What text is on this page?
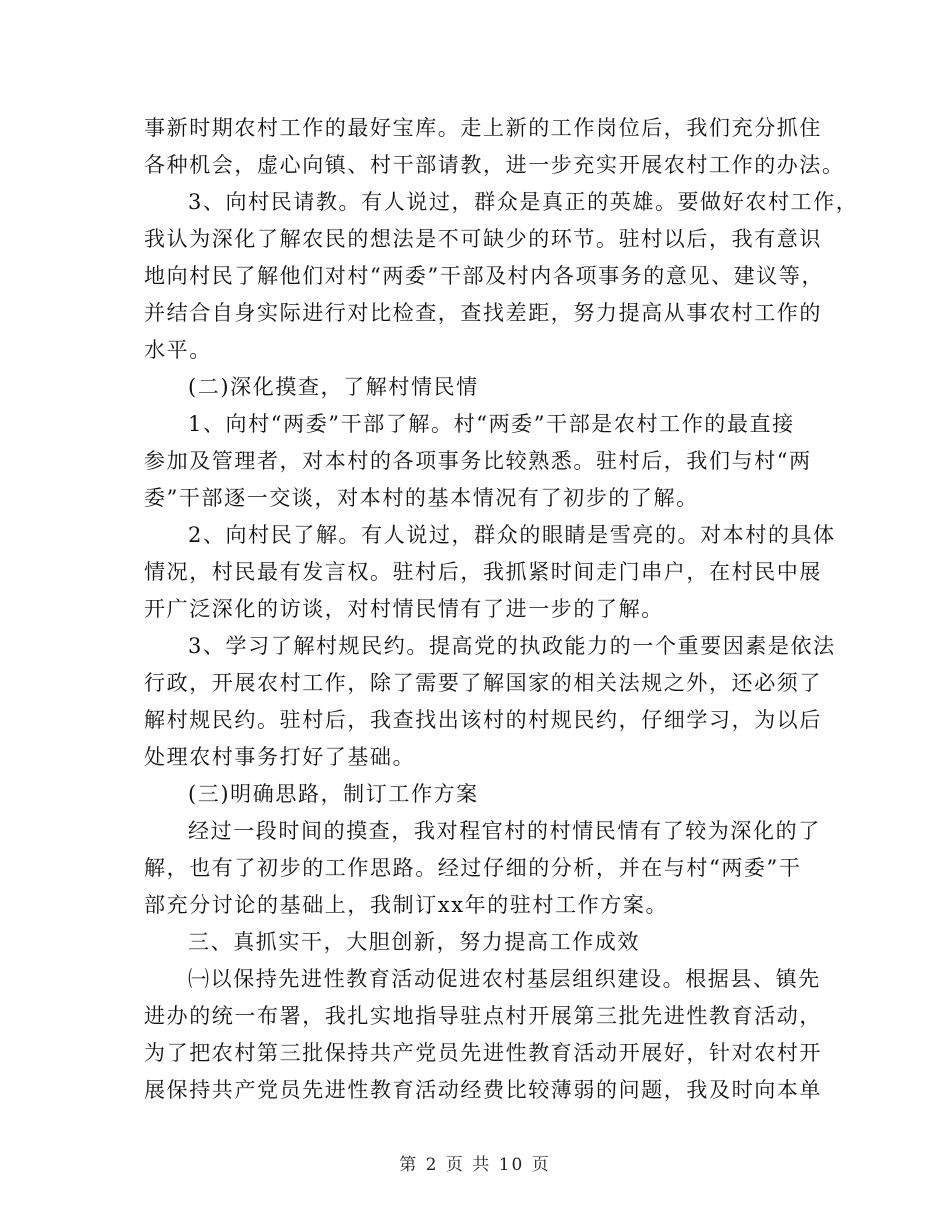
事新时期农村工作的最好宝库。走上新的工作岗位后，我们充分抓住
各种机会，虚心向镇、村干部请教，进一步充实开展农村工作的办法。
3、向村民请教。有人说过，群众是真正的英雄。要做好农村工作，
我认为深化了解农民的想法是不可缺少的环节。驻村以后，我有意识
地向村民了解他们对村“两委”干部及村内各项事务的意见、建议等，
并结合自身实际进行对比检查，查找差距，努力提高从事农村工作的
水平。
(二)深化摸查，了解村情民情
1、向村“两委”干部了解。村“两委”干部是农村工作的最直接
参加及管理者，对本村的各项事务比较熟悉。驻村后，我们与村“两
委”干部逐一交谈，对本村的基本情况有了初步的了解。
2、向村民了解。有人说过，群众的眼睛是雪亮的。对本村的具体
情况，村民最有发言权。驻村后，我抓紧时间走门串户，在村民中展
开广泛深化的访谈，对村情民情有了进一步的了解。
3、学习了解村规民约。提高党的执政能力的一个重要因素是依法
行政，开展农村工作，除了需要了解国家的相关法规之外，还必须了
解村规民约。驻村后，我查找出该村的村规民约，仔细学习，为以后
处理农村事务打好了基础。
(三)明确思路，制订工作方案
经过一段时间的摸查，我对程官村的村情民情有了较为深化的了
解，也有了初步的工作思路。经过仔细的分析，并在与村“两委”干
部充分讨论的基础上，我制订xx年的驻村工作方案。
三、真抓实干，大胆创新，努力提高工作成效
㈠以保持先进性教育活动促进农村基层组织建设。根据县、镇先
进办的统一布署，我扎实地指导驻点村开展第三批先进性教育活动，
为了把农村第三批保持共产党员先进性教育活动开展好，针对农村开
展保持共产党员先进性教育活动经费比较薄弱的问题，我及时向本单
第 2 页 共 10 页
